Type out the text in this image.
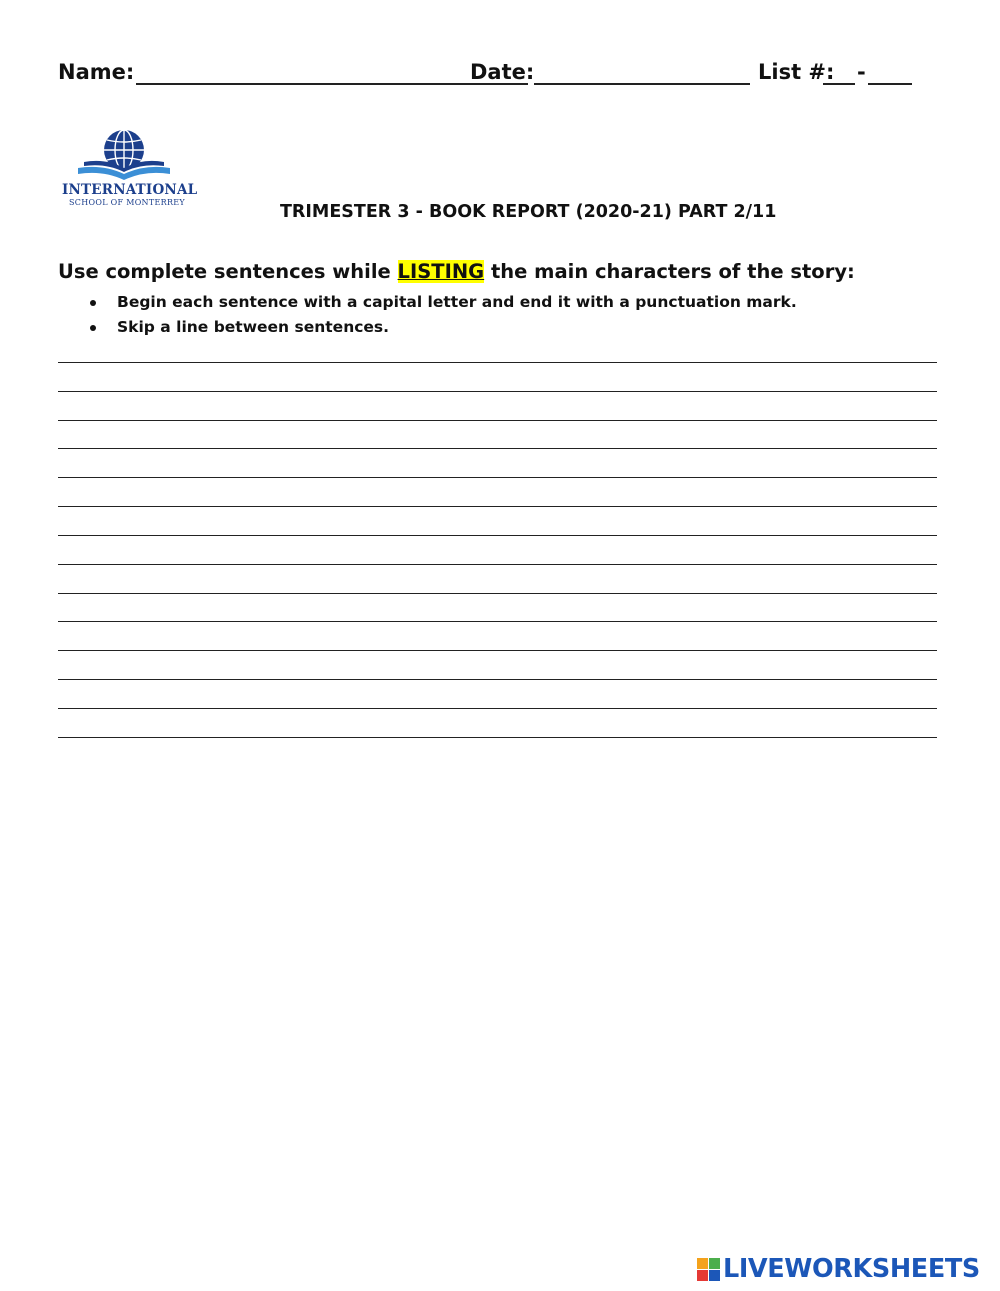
Name:	Date:	List #: -
INTERNATIONAL
SCHOOL OF MONTERREY	TRIMESTER 3 - BOOK REPORT (2020-21) PART 2/11
Use complete sentences while LISTING the main characters of the story:
Begin each sentence with a capital letter and end it with a punctuation mark.
Skip a line between sentences.
LIVEWORKSHEETS
